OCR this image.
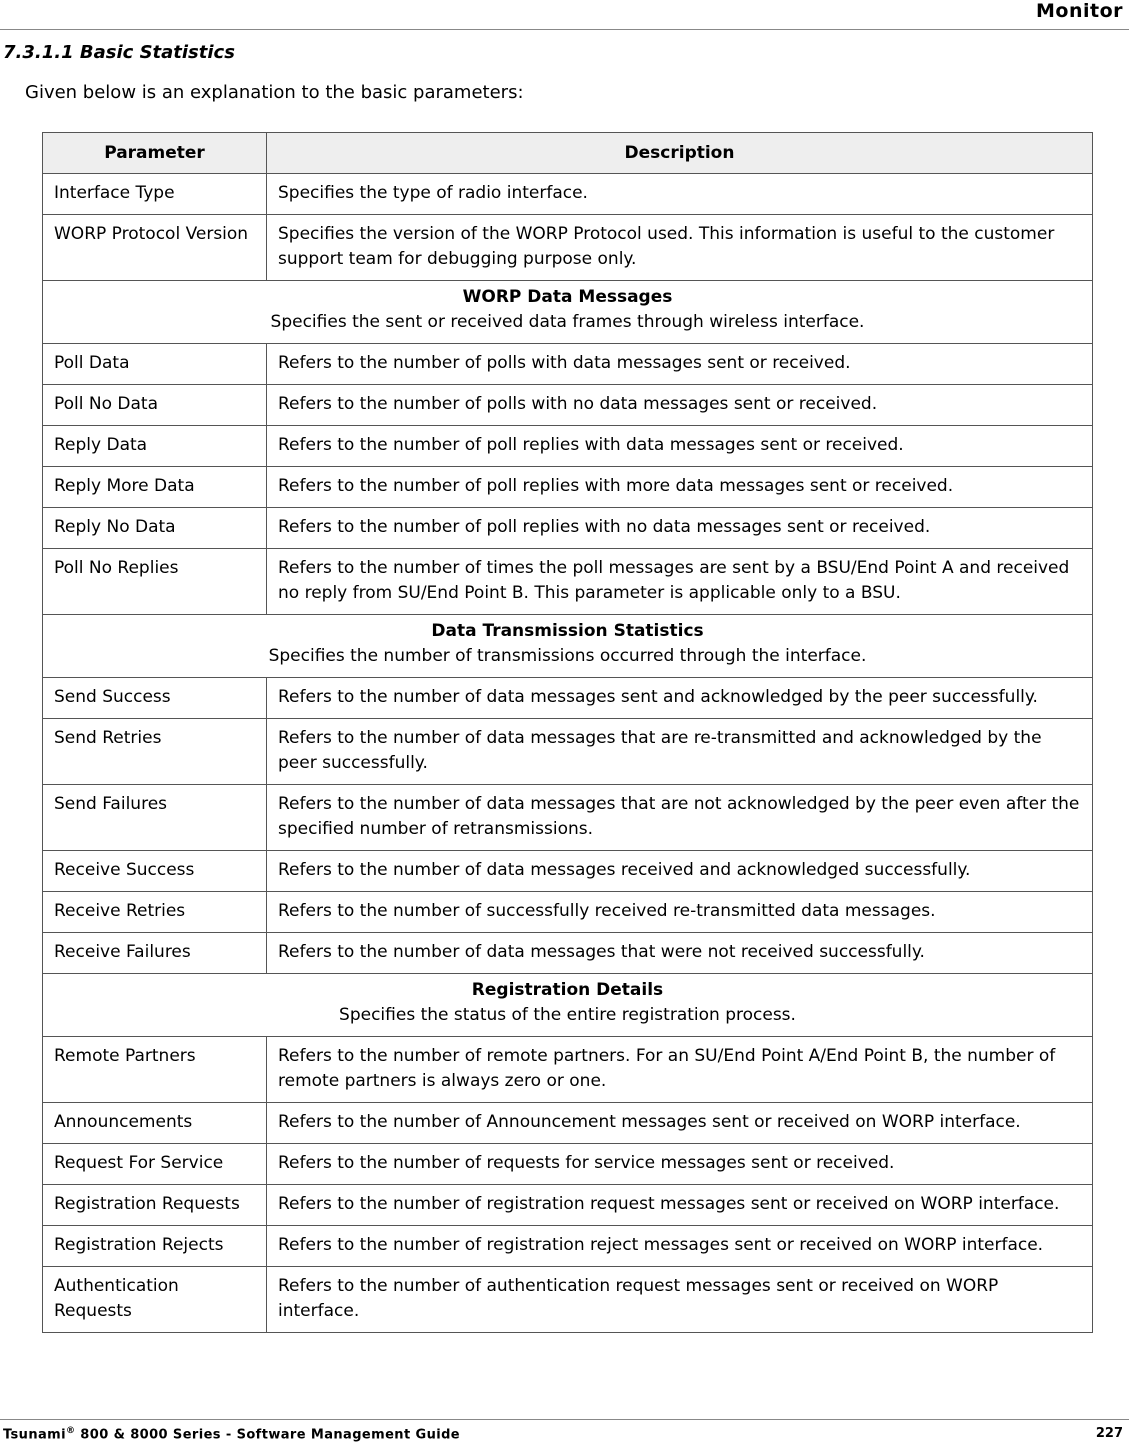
Monitor
7.3.1.1 Basic Statistics
Given below is an explanation to the basic parameters:
Parameter	Description
Interface Type	Specifies the type of radio interface.
WORP Protocol Version	Specifies the version of the WORP Protocol used. This information is useful to the customer support team for debugging purpose only.

WORP Data Messages
Specifies the sent or received data frames through wireless interface.	

Poll Data	Refers to the number of polls with data messages sent or received.
Poll No Data	Refers to the number of polls with no data messages sent or received.
Reply Data	Refers to the number of poll replies with data messages sent or received.
Reply More Data	Refers to the number of poll replies with more data messages sent or received.
Reply No Data	Refers to the number of poll replies with no data messages sent or received.
Poll No Replies	Refers to the number of times the poll messages are sent by a BSU/End Point A and received no reply from SU/End Point B. This parameter is applicable only to a BSU.

Data Transmission Statistics
Specifies the number of transmissions occurred through the interface.	

Send Success	Refers to the number of data messages sent and acknowledged by the peer successfully.
Send Retries	Refers to the number of data messages that are re-transmitted and acknowledged by the peer successfully.
Send Failures	Refers to the number of data messages that are not acknowledged by the peer even after the specified number of retransmissions.
Receive Success	Refers to the number of data messages received and acknowledged successfully.
Receive Retries	Refers to the number of successfully received re-transmitted data messages.
Receive Failures	Refers to the number of data messages that were not received successfully.

Registration Details
Specifies the status of the entire registration process.	

Remote Partners	Refers to the number of remote partners. For an SU/End Point A/End Point B, the number of remote partners is always zero or one.
Announcements	Refers to the number of Announcement messages sent or received on WORP interface.
Request For Service	Refers to the number of requests for service messages sent or received.
Registration Requests	Refers to the number of registration request messages sent or received on WORP interface.
Registration Rejects	Refers to the number of registration reject messages sent or received on WORP interface.
Authentication Requests	Refers to the number of authentication request messages sent or received on WORP interface.
Tsunami® 800 & 8000 Series - Software Management Guide	227
